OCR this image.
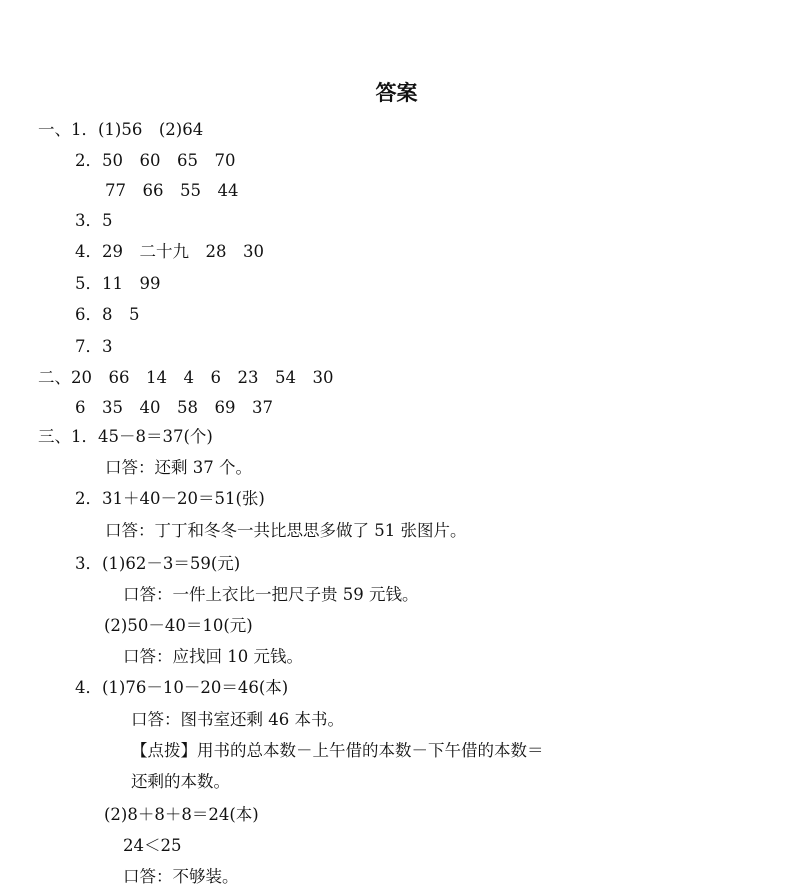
答案
一、1．(1)56　(2)64
2．50　60　65　70
77　66　55　44
3．5
4．29　二十九　28　30
5．11　99
6．8　5
7．3
二、20　66　14　4　6　23　54　30
6　35　40　58　69　37
三、1．45－8＝37(个)
口答：还剩 37 个。
2．31＋40－20＝51(张)
口答：丁丁和冬冬一共比思思多做了 51 张图片。
3．(1)62－3＝59(元)
口答：一件上衣比一把尺子贵 59 元钱。
(2)50－40＝10(元)
口答：应找回 10 元钱。
4．(1)76－10－20＝46(本)
口答：图书室还剩 46 本书。
【点拨】用书的总本数－上午借的本数－下午借的本数＝
还剩的本数。
(2)8＋8＋8＝24(本)
24＜25
口答：不够装。
